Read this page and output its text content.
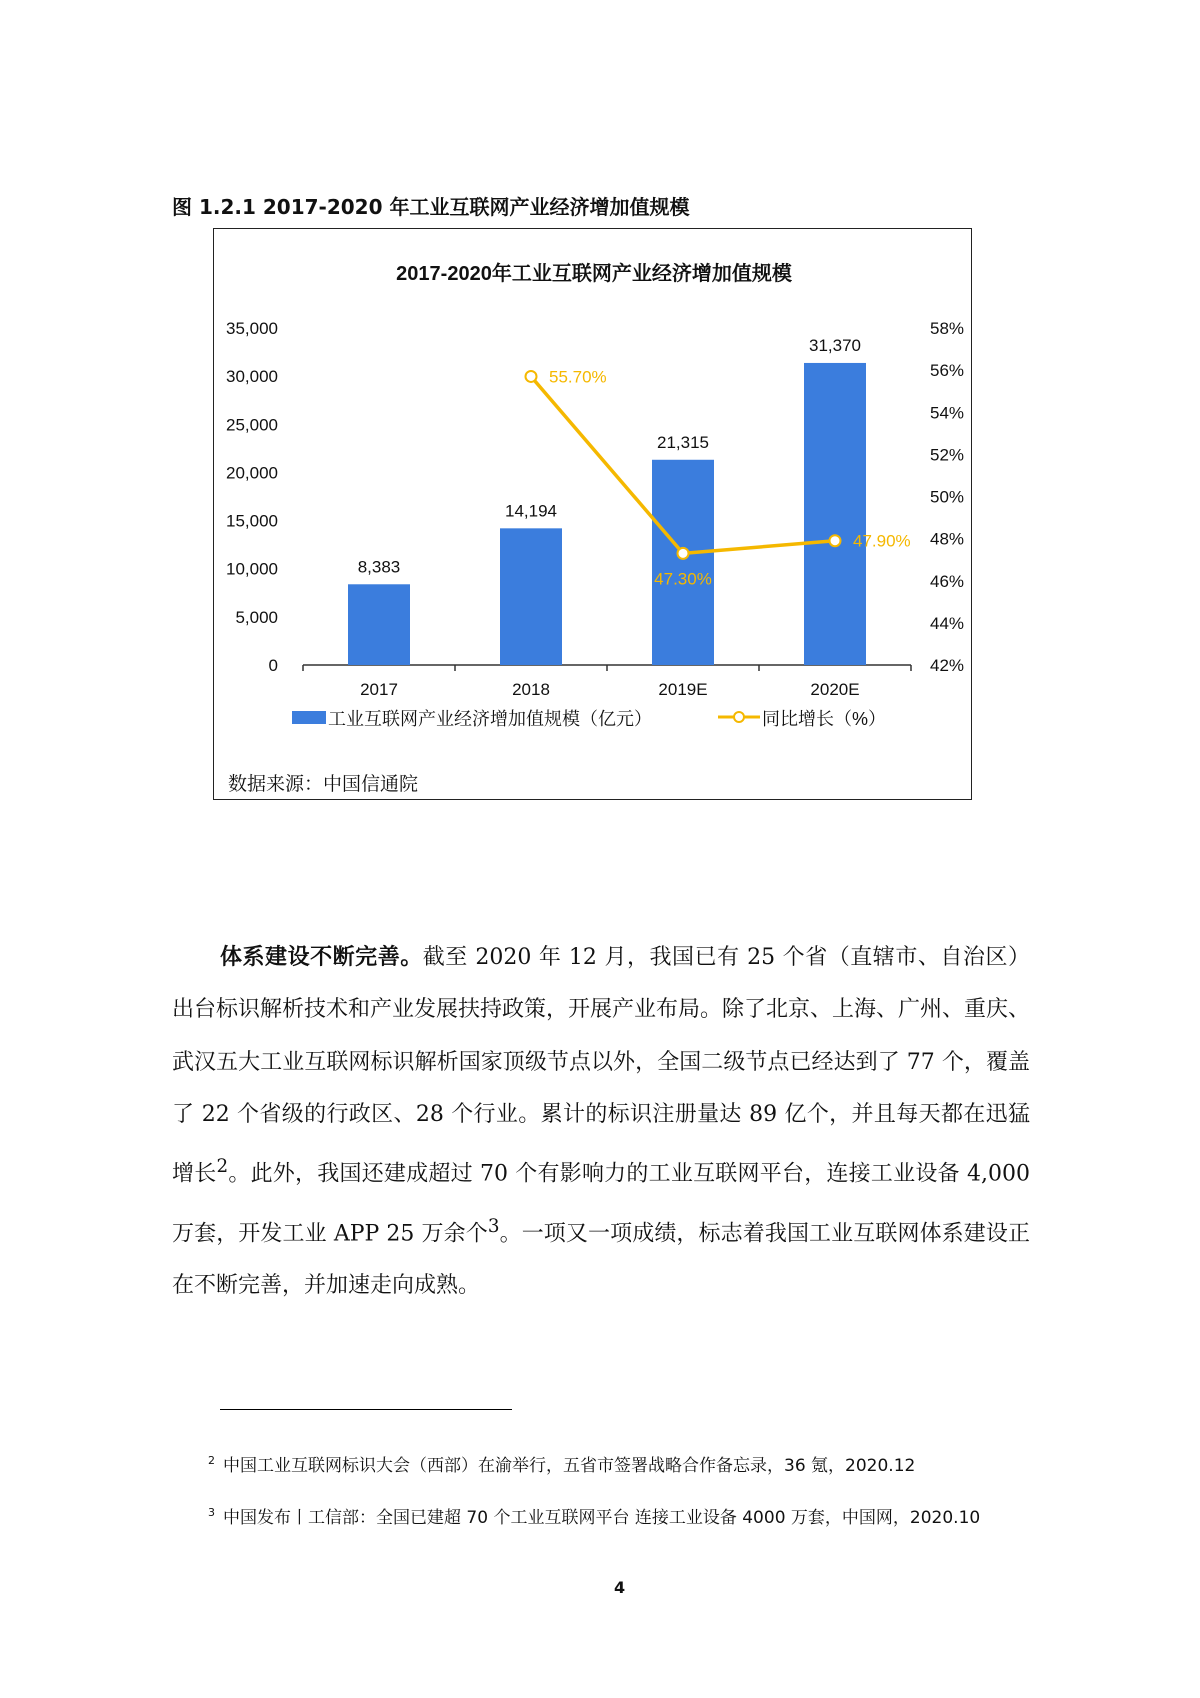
图 1.2.1 2017-2020 年工业互联网产业经济增加值规模
2017-2020年工业互联网产业经济增加值规模
0
5,000
10,000
15,000
20,000
25,000
30,000
35,000
42%
44%
46%
48%
50%
52%
54%
56%
58%
2017	2018	2019E	2020E
8,383
14,194
21,315
31,370
55.70%
47.30%
47.90%
工业互联网产业经济增加值规模（亿元）	同比增长（%）
数据来源：中国信通院

体系建设不断完善。截至 2020 年 12 月，我国已有 25 个省（直辖市、自治区）出台标识解析技术和产业发展扶持政策，开展产业布局。除了北京、上海、广州、重庆、武汉五大工业互联网标识解析国家顶级节点以外，全国二级节点已经达到了 77 个，覆盖了 22 个省级的行政区、28 个行业。累计的标识注册量达 89 亿个，并且每天都在迅猛增长$^2$。此外，我国还建成超过 70 个有影响力的工业互联网平台，连接工业设备 4,000 万套，开发工业 APP 25 万余个$^3$。一项又一项成绩，标志着我国工业互联网体系建设正在不断完善，并加速走向成熟。

$^2$ 中国工业互联网标识大会（西部）在渝举行，五省市签署战略合作备忘录，36 氪，2020.12
$^3$ 中国发布丨工信部：全国已建超 70 个工业互联网平台 连接工业设备 4000 万套，中国网，2020.10
4
